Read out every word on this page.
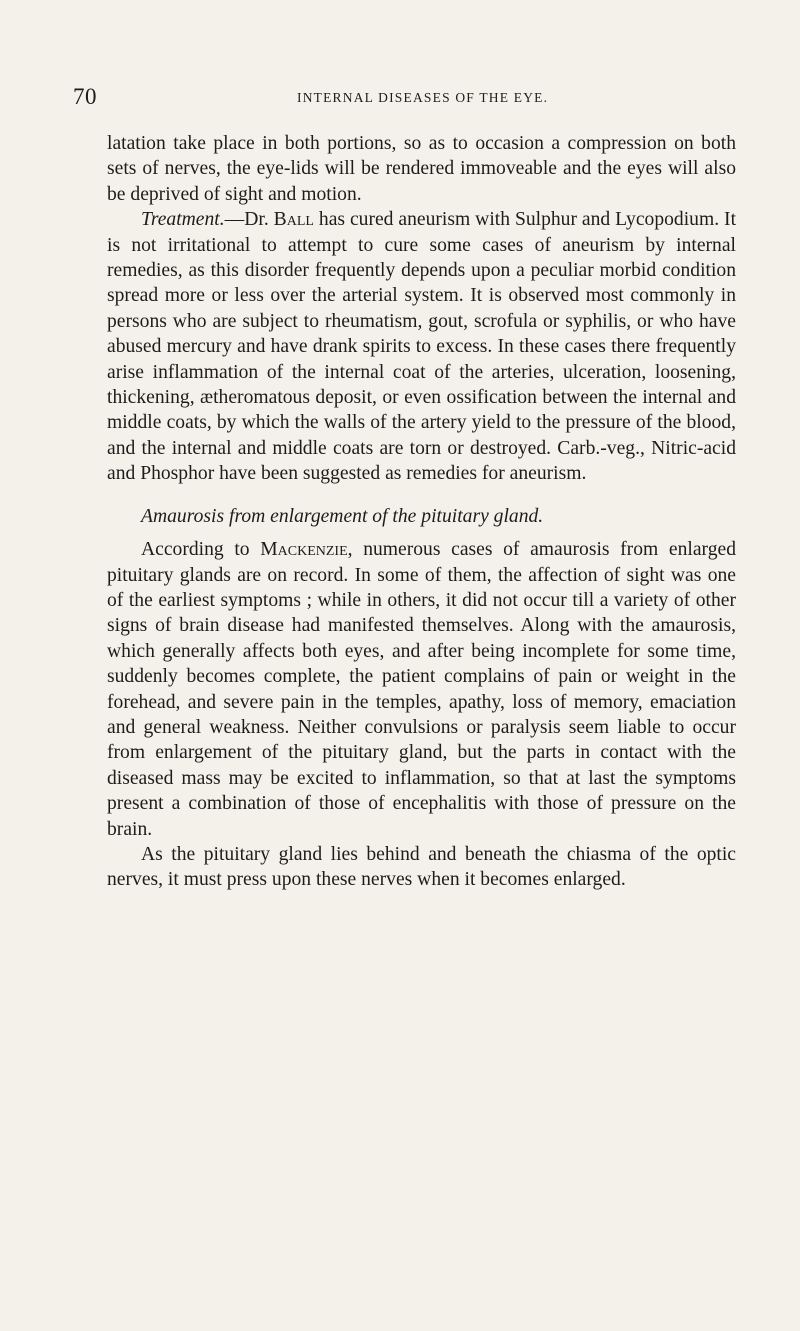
70	INTERNAL DISEASES OF THE EYE.

latation take place in both portions, so as to occasion a compression on both sets of nerves, the eye-lids will be rendered immoveable and the eyes will also be deprived of sight and motion.

Treatment.—Dr. Ball has cured aneurism with Sulphur and Lycopodium. It is not irritational to attempt to cure some cases of aneurism by internal remedies, as this disorder frequently depends upon a peculiar morbid condition spread more or less over the arterial system. It is observed most commonly in persons who are subject to rheumatism, gout, scrofula or syphilis, or who have abused mercury and have drank spirits to excess. In these cases there frequently arise inflammation of the internal coat of the arteries, ulceration, loosening, thickening, ætheromatous deposit, or even ossification between the internal and middle coats, by which the walls of the artery yield to the pressure of the blood, and the internal and middle coats are torn or destroyed. Carb.-veg., Nitric-acid and Phosphor have been suggested as remedies for aneurism.

Amaurosis from enlargement of the pituitary gland.

According to Mackenzie, numerous cases of amaurosis from enlarged pituitary glands are on record. In some of them, the affection of sight was one of the earliest symptoms ; while in others, it did not occur till a variety of other signs of brain disease had manifested themselves. Along with the amaurosis, which generally affects both eyes, and after being incomplete for some time, suddenly becomes complete, the patient complains of pain or weight in the forehead, and severe pain in the temples, apathy, loss of memory, emaciation and general weakness. Neither convulsions or paralysis seem liable to occur from enlargement of the pituitary gland, but the parts in contact with the diseased mass may be excited to inflammation, so that at last the symptoms present a combination of those of encephalitis with those of pressure on the brain.

As the pituitary gland lies behind and beneath the chiasma of the optic nerves, it must press upon these nerves when it becomes enlarged.
